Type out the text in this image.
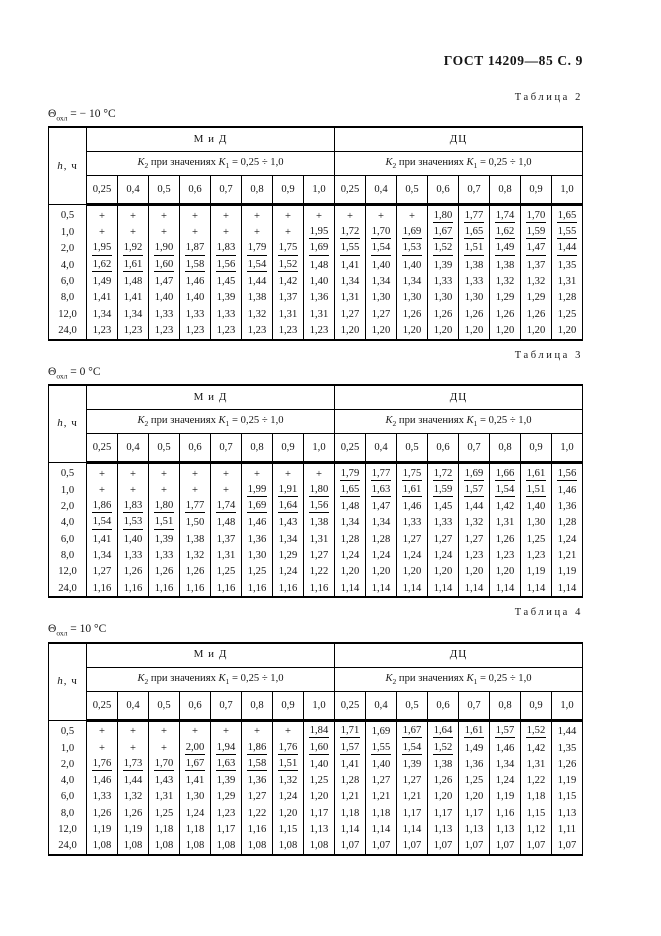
ГОСТ 14209—85 С. 9
Таблица 2
$\Theta_{охл}$ = − 10 °С
h, ч	М и Д								ДЦ							
	$K_2$ при значениях $K_1 = 0,25 \div 1,0$								$K_2$ при значениях $K_1 = 0,25 \div 1,0$							
	0,25	0,4	0,5	0,6	0,7	0,8	0,9	1,0	0,25	0,4	0,5	0,6	0,7	0,8	0,9	1,0
0,5	+	+	+	+	+	+	+	+	+	+	+	1,80	1,77	1,74	1,70	1,65
1,0	+	+	+	+	+	+	+	1,95	1,72	1,70	1,69	1,67	1,65	1,62	1,59	1,55
2,0	1,95	1,92	1,90	1,87	1,83	1,79	1,75	1,69	1,55	1,54	1,53	1,52	1,51	1,49	1,47	1,44
4,0	1,62	1,61	1,60	1,58	1,56	1,54	1,52	1,48	1,41	1,40	1,40	1,39	1,38	1,38	1,37	1,35
6,0	1,49	1,48	1,47	1,46	1,45	1,44	1,42	1,40	1,34	1,34	1,34	1,33	1,33	1,32	1,32	1,31
8,0	1,41	1,41	1,40	1,40	1,39	1,38	1,37	1,36	1,31	1,30	1,30	1,30	1,30	1,29	1,29	1,28
12,0	1,34	1,34	1,33	1,33	1,33	1,32	1,31	1,31	1,27	1,27	1,26	1,26	1,26	1,26	1,26	1,25
24,0	1,23	1,23	1,23	1,23	1,23	1,23	1,23	1,23	1,20	1,20	1,20	1,20	1,20	1,20	1,20	1,20
Таблица 3
$\Theta_{охл} = 0$ °С
h, ч	М и Д								ДЦ							
	$K_2$ при значениях $K_1 = 0,25 \div 1,0$								$K_2$ при значениях $K_1 = 0,25 \div 1,0$							
	0,25	0,4	0,5	0,6	0,7	0,8	0,9	1,0	0,25	0,4	0,5	0,6	0,7	0,8	0,9	1,0
0,5	+	+	+	+	+	+	+	+	1,79	1,77	1,75	1,72	1,69	1,66	1,61	1,56
1,0	+	+	+	+	+	1,99	1,91	1,80	1,65	1,63	1,61	1,59	1,57	1,54	1,51	1,46
2,0	1,86	1,83	1,80	1,77	1,74	1,69	1,64	1,56	1,48	1,47	1,46	1,45	1,44	1,42	1,40	1,36
4,0	1,54	1,53	1,51	1,50	1,48	1,46	1,43	1,38	1,34	1,34	1,33	1,33	1,32	1,31	1,30	1,28
6,0	1,41	1,40	1,39	1,38	1,37	1,36	1,34	1,31	1,28	1,28	1,27	1,27	1,27	1,26	1,25	1,24
8,0	1,34	1,33	1,33	1,32	1,31	1,30	1,29	1,27	1,24	1,24	1,24	1,24	1,23	1,23	1,23	1,21
12,0	1,27	1,26	1,26	1,26	1,25	1,25	1,24	1,22	1,20	1,20	1,20	1,20	1,20	1,20	1,19	1,19
24,0	1,16	1,16	1,16	1,16	1,16	1,16	1,16	1,16	1,14	1,14	1,14	1,14	1,14	1,14	1,14	1,14
Таблица 4
$\Theta_{охл} = 10$ °С
h, ч	М и Д								ДЦ							
	$K_2$ при значениях $K_1 = 0,25 \div 1,0$								$K_2$ при значениях $K_1 = 0,25 \div 1,0$							
	0,25	0,4	0,5	0,6	0,7	0,8	0,9	1,0	0,25	0,4	0,5	0,6	0,7	0,8	0,9	1,0
0,5	+	+	+	+	+	+	+	1,84	1,71	1,69	1,67	1,64	1,61	1,57	1,52	1,44
1,0	+	+	+	2,00	1,94	1,86	1,76	1,60	1,57	1,55	1,54	1,52	1,49	1,46	1,42	1,35
2,0	1,76	1,73	1,70	1,67	1,63	1,58	1,51	1,40	1,41	1,40	1,39	1,38	1,36	1,34	1,31	1,26
4,0	1,46	1,44	1,43	1,41	1,39	1,36	1,32	1,25	1,28	1,27	1,27	1,26	1,25	1,24	1,22	1,19
6,0	1,33	1,32	1,31	1,30	1,29	1,27	1,24	1,20	1,21	1,21	1,21	1,20	1,20	1,19	1,18	1,15
8,0	1,26	1,26	1,25	1,24	1,23	1,22	1,20	1,17	1,18	1,18	1,17	1,17	1,17	1,16	1,15	1,13
12,0	1,19	1,19	1,18	1,18	1,17	1,16	1,15	1,13	1,14	1,14	1,14	1,13	1,13	1,13	1,12	1,11
24,0	1,08	1,08	1,08	1,08	1,08	1,08	1,08	1,08	1,07	1,07	1,07	1,07	1,07	1,07	1,07	1,07
